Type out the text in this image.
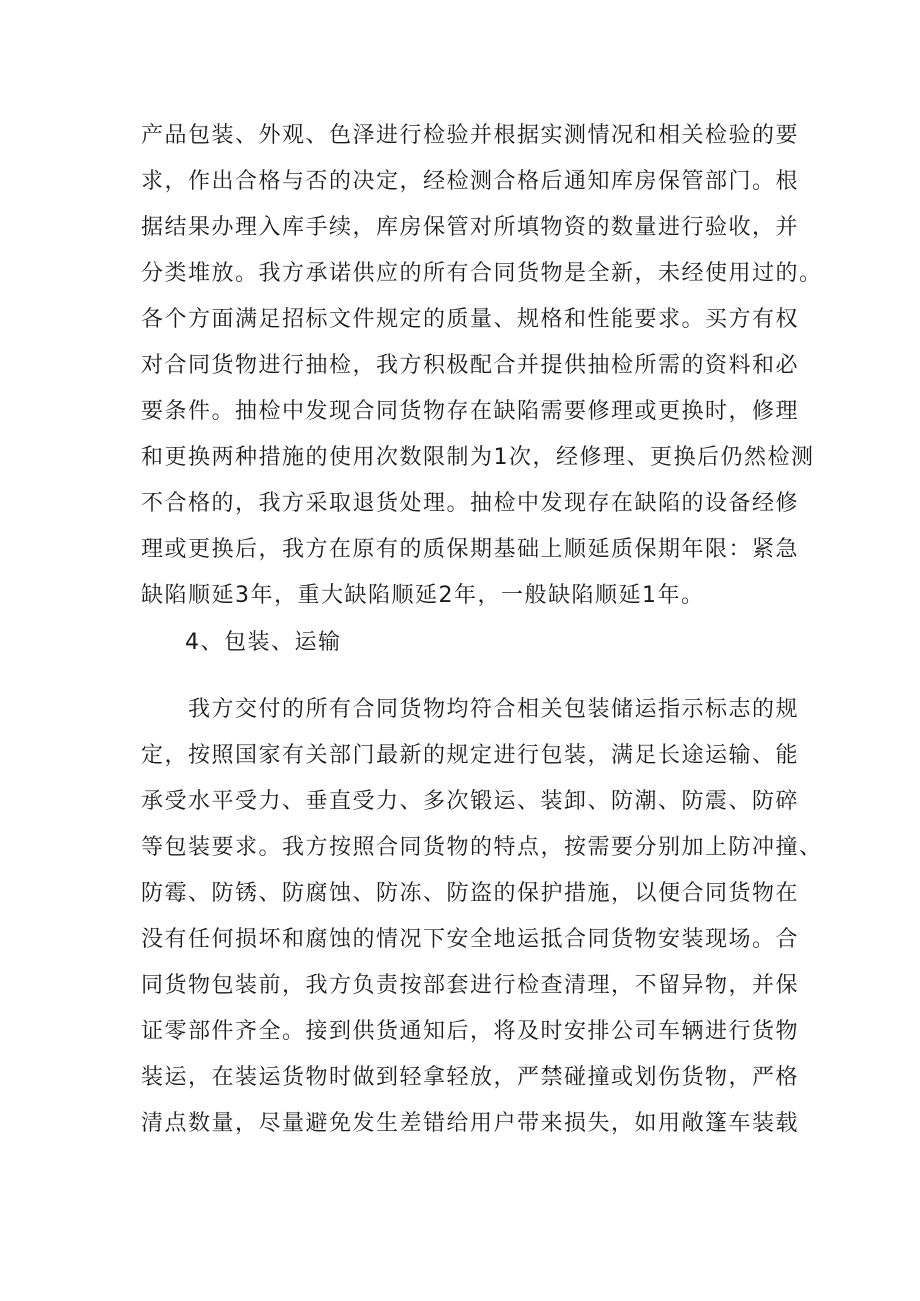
产品包装、外观、色泽进行检验并根据实测情况和相关检验的要
求，作出合格与否的决定，经检测合格后通知库房保管部门。根
据结果办理入库手续，库房保管对所填物资的数量进行验收，并
分类堆放。我方承诺供应的所有合同货物是全新，未经使用过的。
各个方面满足招标文件规定的质量、规格和性能要求。买方有权
对合同货物进行抽检，我方积极配合并提供抽检所需的资料和必
要条件。抽检中发现合同货物存在缺陷需要修理或更换时，修理
和更换两种措施的使用次数限制为1次，经修理、更换后仍然检测
不合格的，我方采取退货处理。抽检中发现存在缺陷的设备经修
理或更换后，我方在原有的质保期基础上顺延质保期年限：紧急
缺陷顺延3年，重大缺陷顺延2年，一般缺陷顺延1年。
4、包装、运输
　　我方交付的所有合同货物均符合相关包装储运指示标志的规
定，按照国家有关部门最新的规定进行包装，满足长途运输、能
承受水平受力、垂直受力、多次锻运、装卸、防潮、防震、防碎
等包装要求。我方按照合同货物的特点，按需要分别加上防冲撞、
防霉、防锈、防腐蚀、防冻、防盗的保护措施，以便合同货物在
没有任何损坏和腐蚀的情况下安全地运抵合同货物安装现场。合
同货物包装前，我方负责按部套进行检查清理，不留异物，并保
证零部件齐全。接到供货通知后，将及时安排公司车辆进行货物
装运，在装运货物时做到轻拿轻放，严禁碰撞或划伤货物，严格
清点数量，尽量避免发生差错给用户带来损失，如用敞篷车装载
